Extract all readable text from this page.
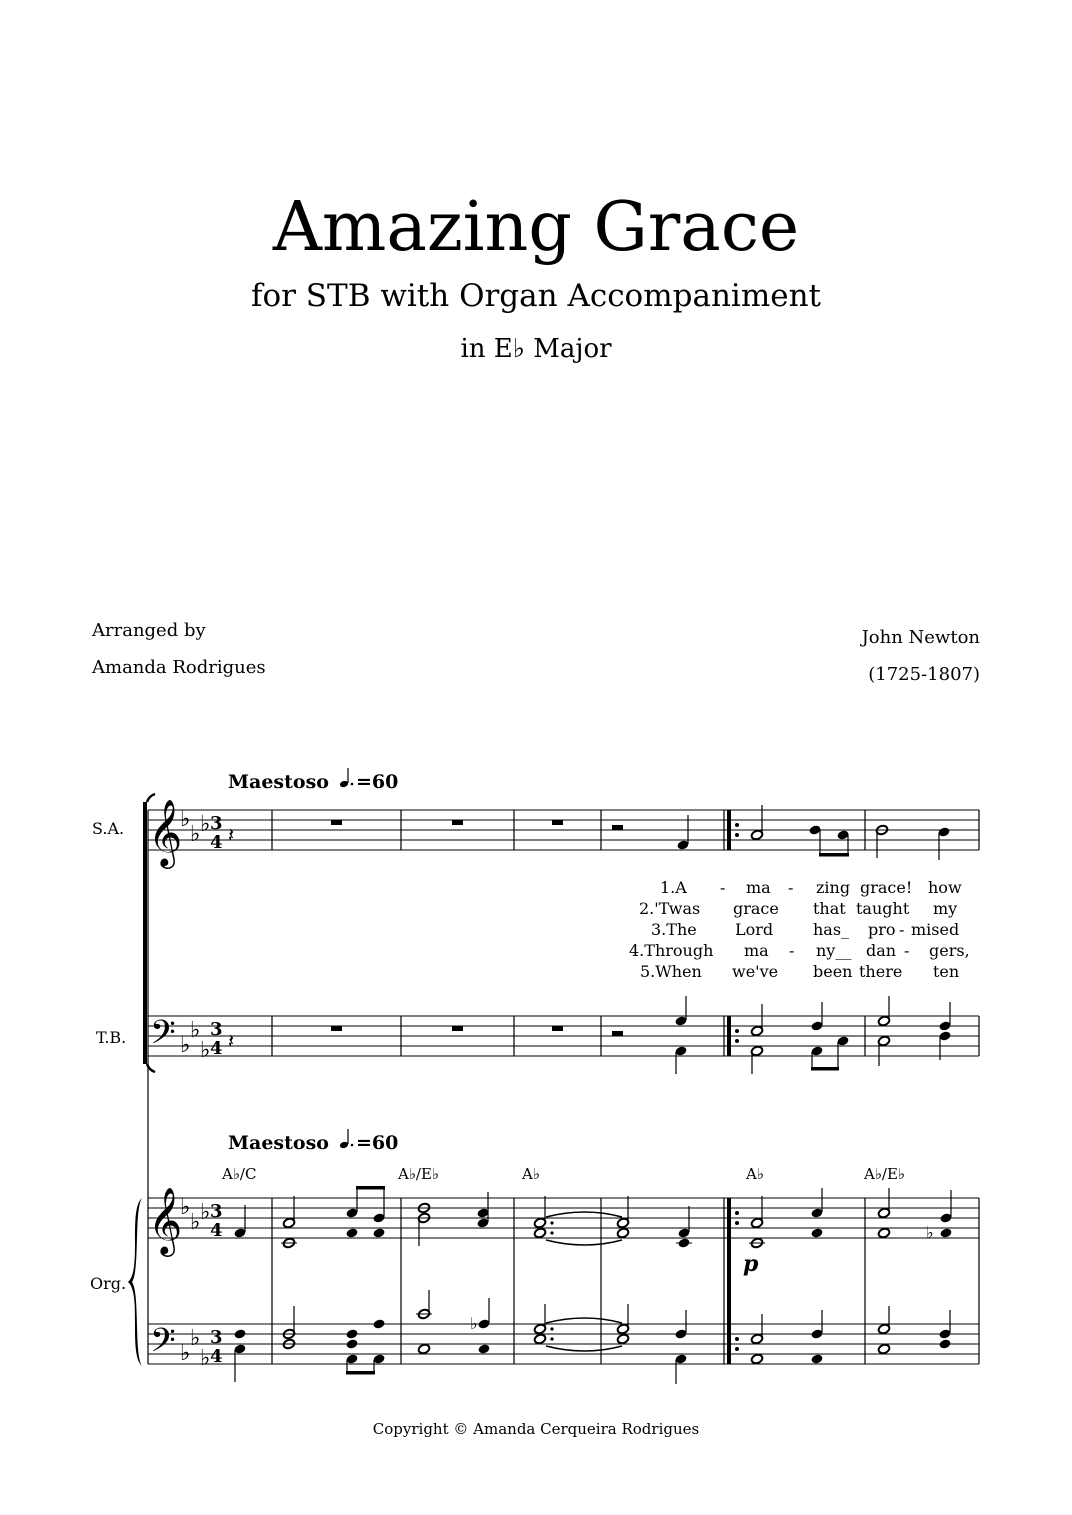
Amazing Grace
for STB with Organ Accompaniment
in E♭ Major
Arranged by
Amanda Rodrigues
John Newton
(1725-1807)
Maestoso =60
S.A.
T.B.
Org.
𝄞
♭
♭ ♭ 3
4 𝄽
1.A - ma - zing grace! how
2.'Twas grace that taught my
3.The Lord has_ pro - mised
4.Through ma - ny__ dan - gers,
5.When we've been there ten
𝄢 ♭
♭
♭
3
4 𝄽
Maestoso =60
A♭/C	A♭/E♭	A♭	A♭	A♭/E♭
𝄞
♭
♭ ♭ 3
4
𝄢 ♭
♭
♭
3
4
♭
p
♭
Copyright © Amanda Cerqueira Rodrigues
